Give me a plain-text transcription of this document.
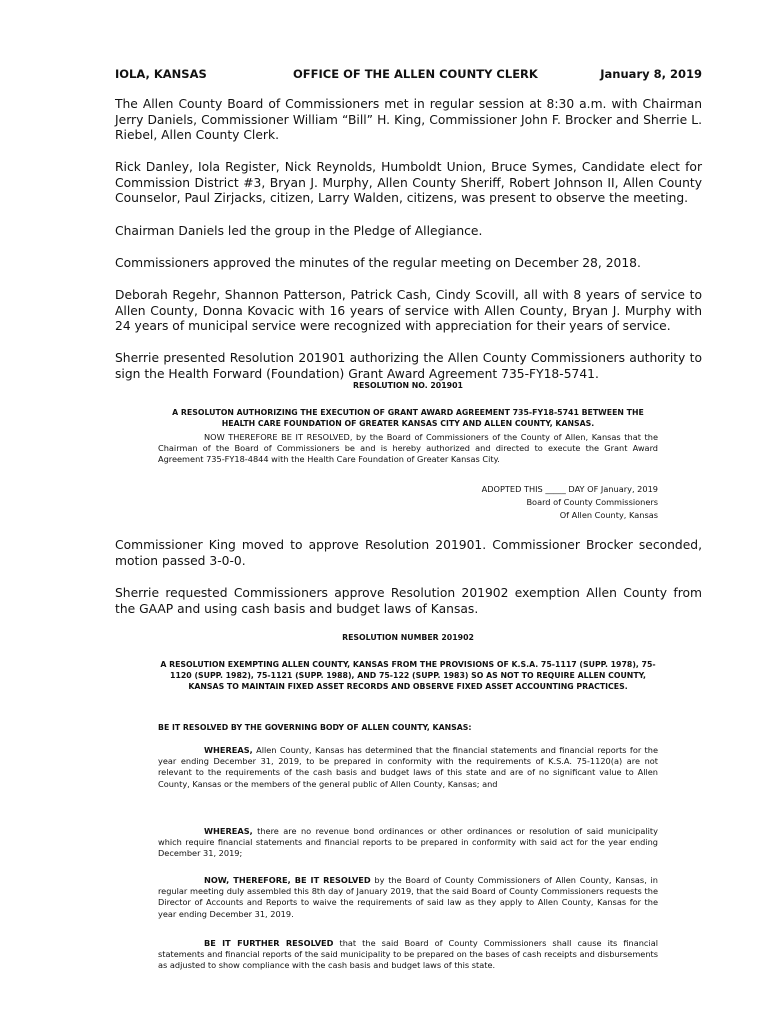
IOLA, KANSAS	OFFICE OF THE ALLEN COUNTY CLERK	January 8, 2019

The Allen County Board of Commissioners met in regular session at 8:30 a.m. with Chairman Jerry Daniels, Commissioner William “Bill” H. King, Commissioner John F. Brocker and Sherrie L. Riebel, Allen County Clerk.

Rick Danley, Iola Register, Nick Reynolds, Humboldt Union, Bruce Symes, Candidate elect for Commission District #3, Bryan J. Murphy, Allen County Sheriff, Robert Johnson II, Allen County Counselor, Paul Zirjacks, citizen, Larry Walden, citizens, was present to observe the meeting.

Chairman Daniels led the group in the Pledge of Allegiance.

Commissioners approved the minutes of the regular meeting on December 28, 2018.

Deborah Regehr, Shannon Patterson, Patrick Cash, Cindy Scovill, all with 8 years of service to Allen County, Donna Kovacic with 16 years of service with Allen County, Bryan J. Murphy with 24 years of municipal service were recognized with appreciation for their years of service.

Sherrie presented Resolution 201901 authorizing the Allen County Commissioners authority to sign the Health Forward (Foundation) Grant Award Agreement 735-FY18-5741.

RESOLUTION NO. 201901

A RESOLUTON AUTHORIZING THE EXECUTION OF GRANT AWARD AGREEMENT 735-FY18-5741 BETWEEN THE HEALTH CARE FOUNDATION OF GREATER KANSAS CITY AND ALLEN COUNTY, KANSAS.

NOW THEREFORE BE IT RESOLVED, by the Board of Commissioners of the County of Allen, Kansas that the Chairman of the Board of Commissioners be and is hereby authorized and directed to execute the Grant Award Agreement 735-FY18-4844 with the Health Care Foundation of Greater Kansas City.

ADOPTED THIS _____ DAY OF January, 2019

Board of County Commissioners

Of Allen County, Kansas

Commissioner King moved to approve Resolution 201901. Commissioner Brocker seconded, motion passed 3-0-0.

Sherrie requested Commissioners approve Resolution 201902 exemption Allen County from the GAAP and using cash basis and budget laws of Kansas.

RESOLUTION NUMBER 201902

A RESOLUTION EXEMPTING ALLEN COUNTY, KANSAS FROM THE PROVISIONS OF K.S.A. 75-1117 (SUPP. 1978), 75-1120 (SUPP. 1982), 75-1121 (SUPP. 1988), AND 75-122 (SUPP. 1983) SO AS NOT TO REQUIRE ALLEN COUNTY, KANSAS TO MAINTAIN FIXED ASSET RECORDS AND OBSERVE FIXED ASSET ACCOUNTING PRACTICES.

BE IT RESOLVED BY THE GOVERNING BODY OF ALLEN COUNTY, KANSAS:

WHEREAS, Allen County, Kansas has determined that the financial statements and financial reports for the year ending December 31, 2019, to be prepared in conformity with the requirements of K.S.A. 75-1120(a) are not relevant to the requirements of the cash basis and budget laws of this state and are of no significant value to Allen County, Kansas or the members of the general public of Allen County, Kansas; and

WHEREAS, there are no revenue bond ordinances or other ordinances or resolution of said municipality which require financial statements and financial reports to be prepared in conformity with said act for the year ending December 31, 2019;

NOW, THEREFORE, BE IT RESOLVED by the Board of County Commissioners of Allen County, Kansas, in regular meeting duly assembled this 8th day of January 2019, that the said Board of County Commissioners requests the Director of Accounts and Reports to waive the requirements of said law as they apply to Allen County, Kansas for the year ending December 31, 2019.

BE IT FURTHER RESOLVED that the said Board of County Commissioners shall cause its financial statements and financial reports of the said municipality to be prepared on the bases of cash receipts and disbursements as adjusted to show compliance with the cash basis and budget laws of this state.
